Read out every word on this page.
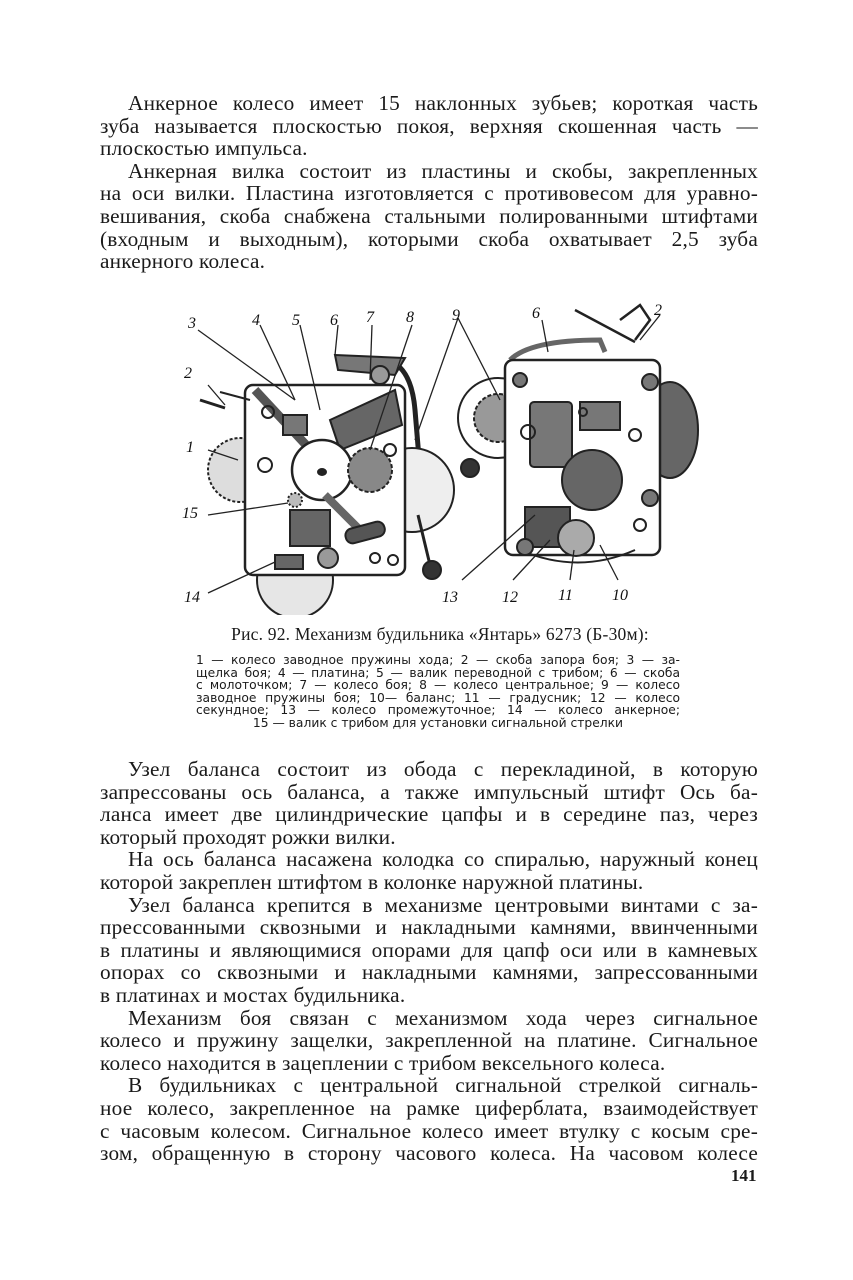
Анкерное колесо имеет 15 наклонных зубьев; короткая часть
зуба называется плоскостью покоя, верхняя скошенная часть —
плоскостью импульса.

Анкерная вилка состоит из пластины и скобы, закрепленных
на оси вилки. Пластина изготовляется с противовесом для уравно-
вешивания, скоба снабжена стальными полированными штифтами
(входным и выходным), которыми скоба охватывает 2,5 зуба
анкерного колеса.

3	4 5 6 7 8 9
2
1
15
14
6	2
13	12	11 10
Рис. 92. Механизм будильника «Янтарь» 6273 (Б-30м):
1 — колесо заводное пружины хода; 2 — скоба запора боя; 3 — за-
щелка боя; 4 — платина; 5 — валик переводной с трибом; 6 — скоба
с молоточком; 7 — колесо боя; 8 — колесо центральное; 9 — колесо
заводное пружины боя; 10— баланс; 11 — градусник; 12 — колесо
секундное; 13 — колесо промежуточное; 14 — колесо анкерное;
15 — валик с трибом для установки сигнальной стрелки

Узел баланса состоит из обода с перекладиной, в которую
запрессованы ось баланса, а также импульсный штифт Ось ба-
ланса имеет две цилиндрические цапфы и в середине паз, через
который проходят рожки вилки.

На ось баланса насажена колодка со спиралью, наружный конец
которой закреплен штифтом в колонке наружной платины.

Узел баланса крепится в механизме центровыми винтами с за-
прессованными сквозными и накладными камнями, ввинченными
в платины и являющимися опорами для цапф оси или в камневых
опорах со сквозными и накладными камнями, запрессованными
в платинах и мостах будильника.

Механизм боя связан с механизмом хода через сигнальное
колесо и пружину защелки, закрепленной на платине. Сигнальное
колесо находится в зацеплении с трибом вексельного колеса.

В будильниках с центральной сигнальной стрелкой сигналь-
ное колесо, закрепленное на рамке циферблата, взаимодействует
с часовым колесом. Сигнальное колесо имеет втулку с косым сре-
зом, обращенную в сторону часового колеса. На часовом колесе

141
